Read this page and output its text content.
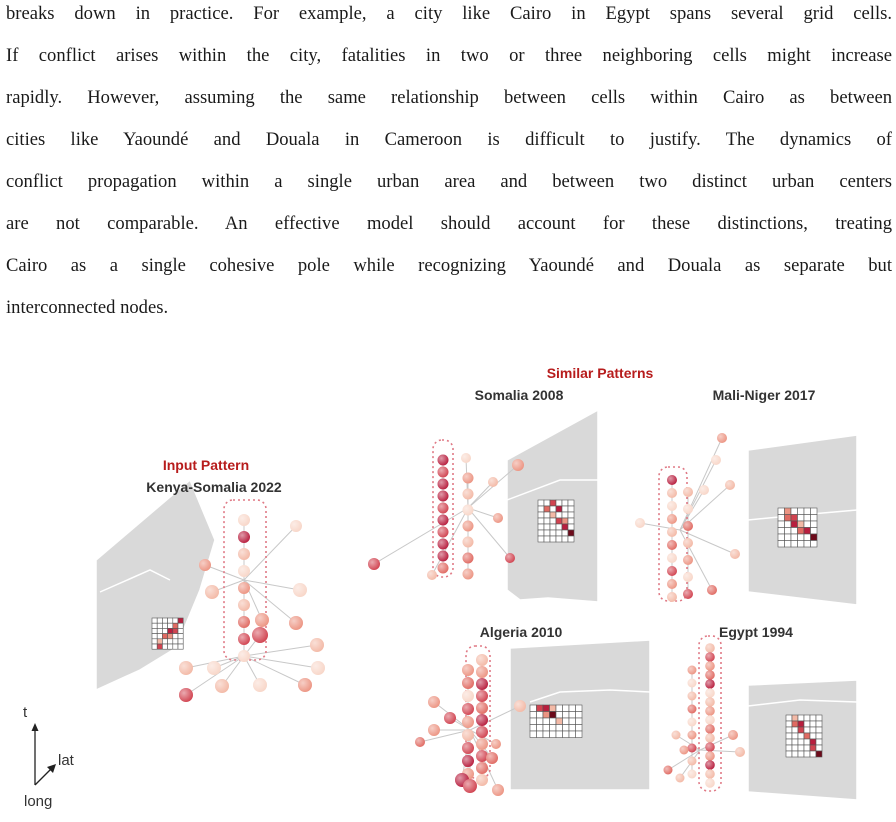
breaks down in practice. For example, a city like Cairo in Egypt spans several grid cells.
If conflict arises within the city, fatalities in two or three neighboring cells might increase
rapidly. However, assuming the same relationship between cells within Cairo as between
cities like Yaoundé and Douala in Cameroon is difficult to justify. The dynamics of
conflict propagation within a single urban area and between two distinct urban centers
are not comparable. An effective model should account for these distinctions, treating
Cairo as a single cohesive pole while recognizing Yaoundé and Douala as separate but
interconnected nodes.
Similar Patterns
Somalia 2008	Mali-Niger 2017
Input Pattern
Kenya-Somalia 2022
Algeria 2010	Egypt 1994
t
lat
long
